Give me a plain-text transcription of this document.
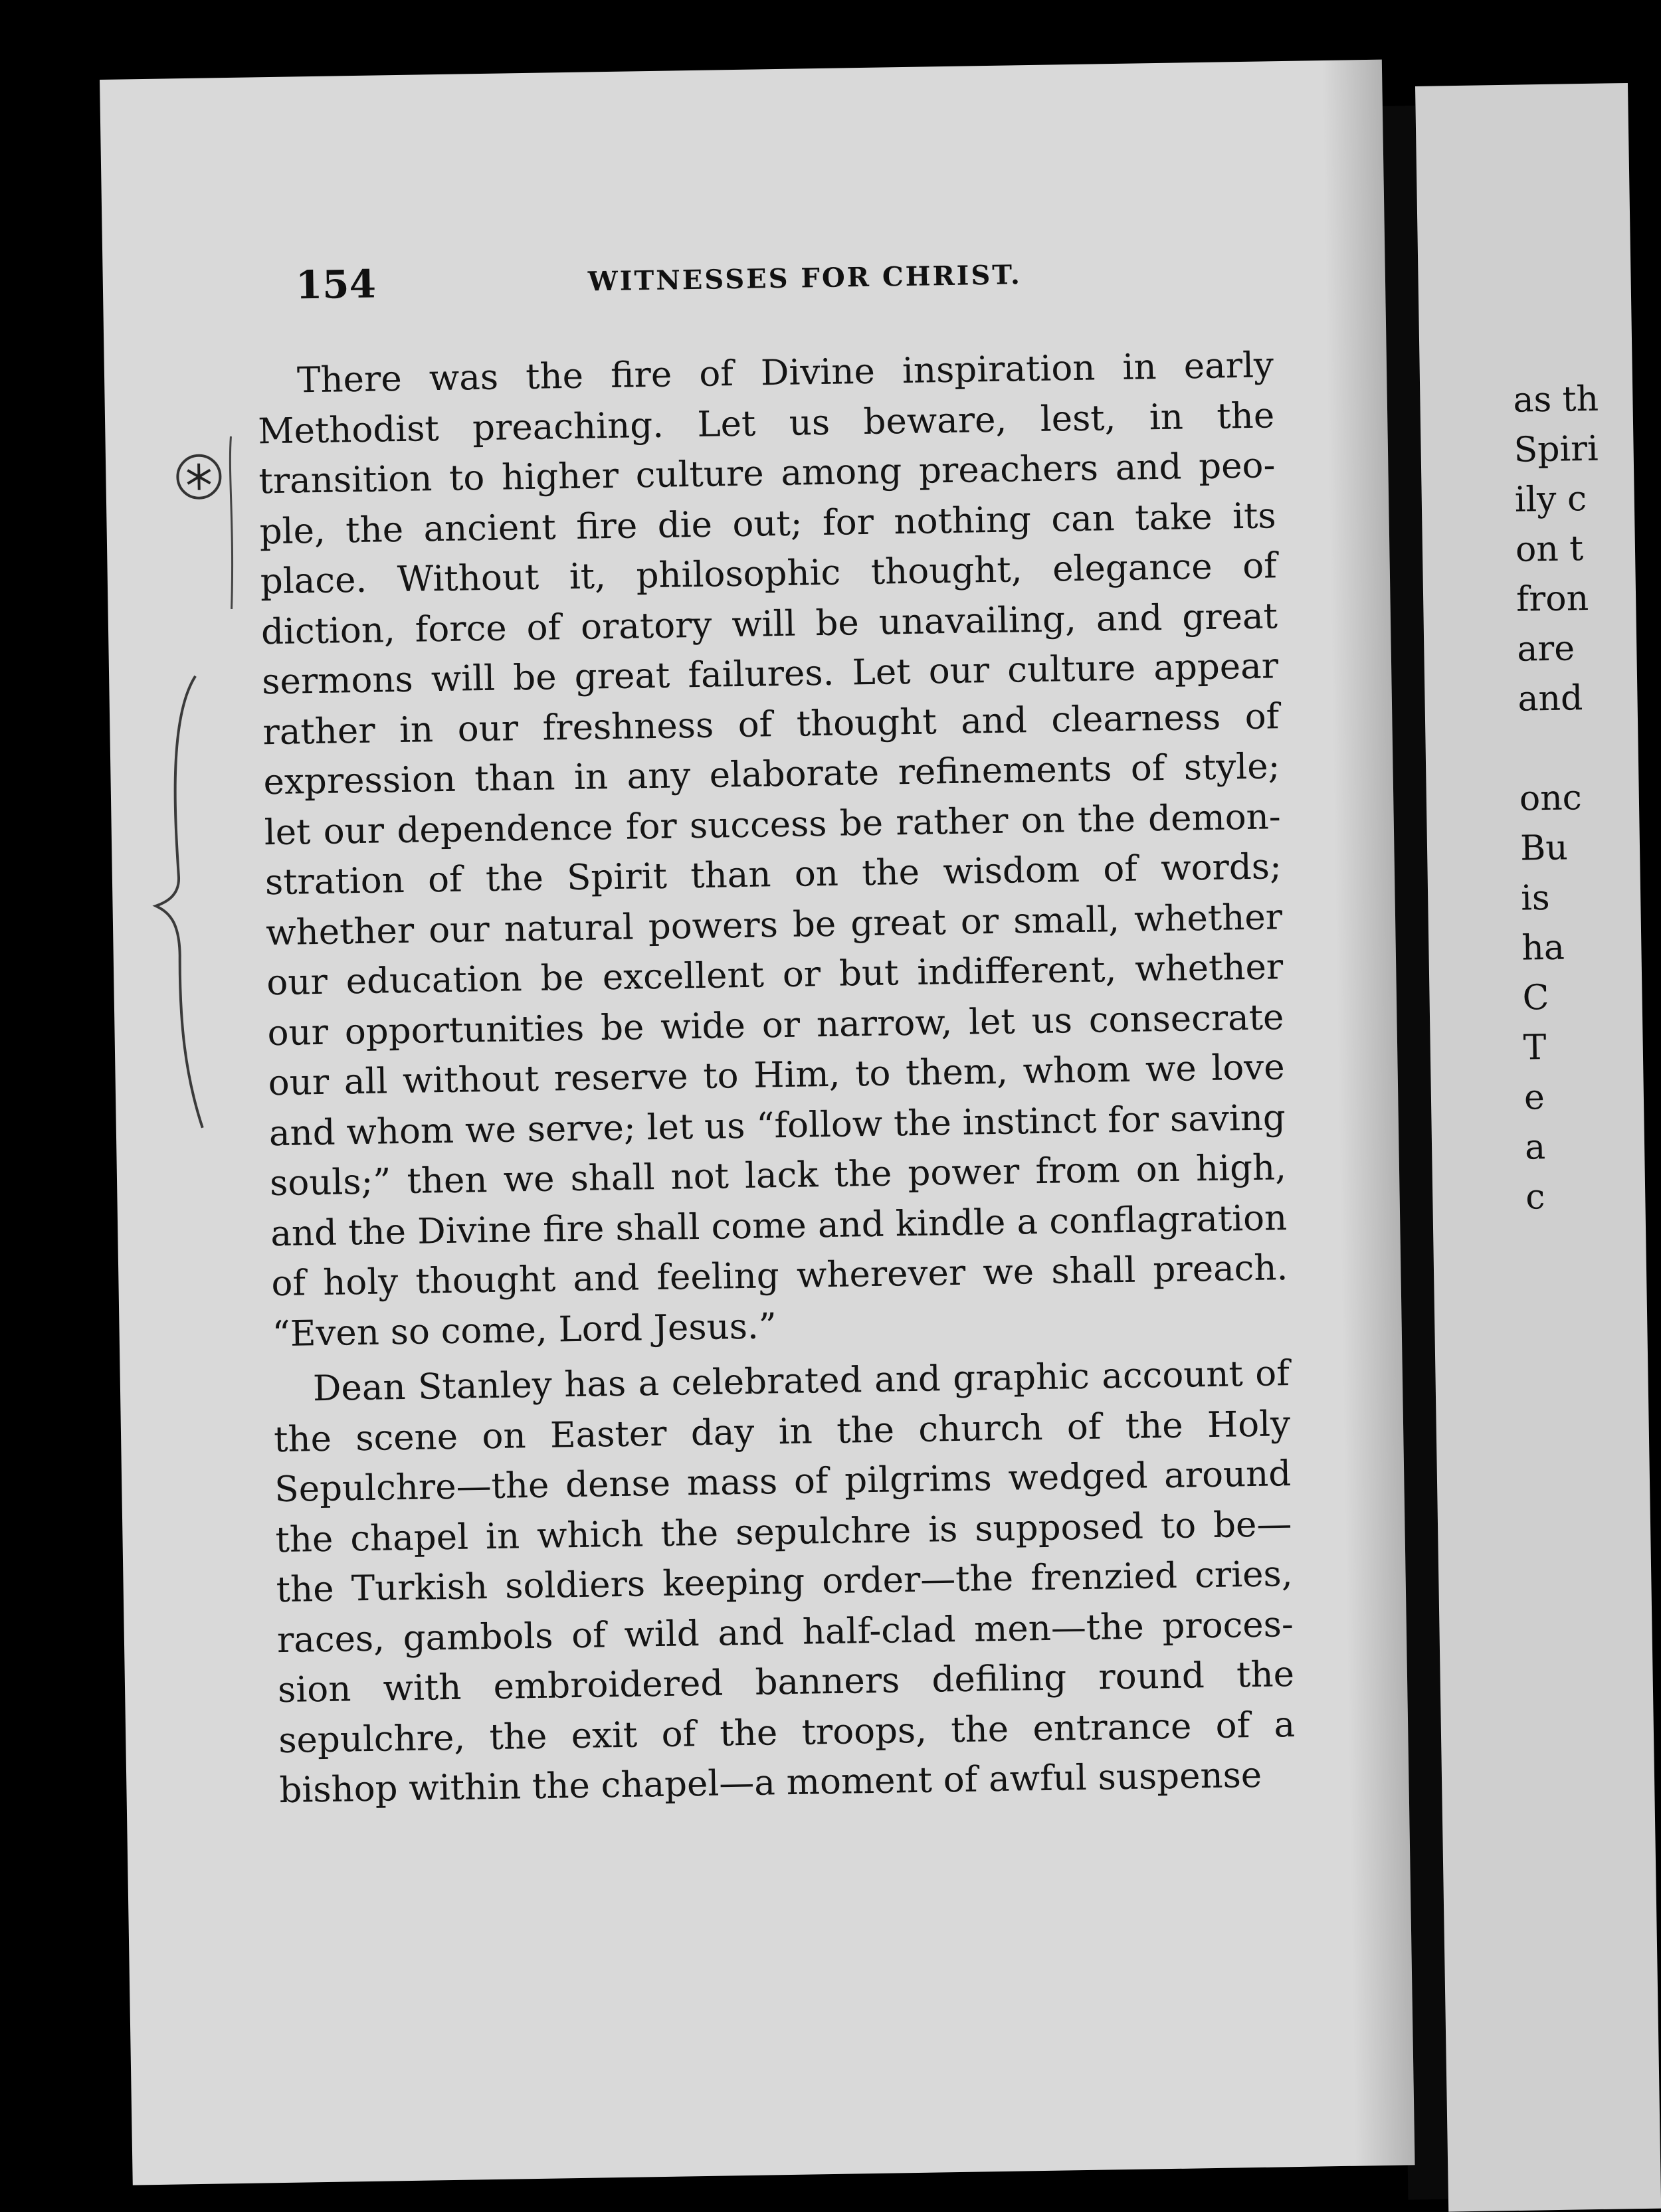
as th
Spiri
ily c
on t
fron
are
and
onc
Bu
is
ha
C
T
e
a
c
154	WITNESSES FOR CHRIST.

There was the fire of Divine inspiration in early Methodist preaching. Let us beware, lest, in the transition to higher culture among preachers and people, the ancient fire die out; for nothing can take its place. Without it, philosophic thought, elegance of diction, force of oratory will be unavailing, and great sermons will be great failures. Let our culture appear rather in our freshness of thought and clearness of expression than in any elaborate refinements of style; let our dependence for success be rather on the demonstration of the Spirit than on the wisdom of words; whether our natural powers be great or small, whether our education be excellent or but indifferent, whether our opportunities be wide or narrow, let us consecrate our all without reserve to Him, to them, whom we love and whom we serve; let us “follow the instinct for saving souls;” then we shall not lack the power from on high, and the Divine fire shall come and kindle a conflagration of holy thought and feeling wherever we shall preach. “Even so come, Lord Jesus.”

Dean Stanley has a celebrated and graphic account of the scene on Easter day in the church of the Holy Sepulchre—the dense mass of pilgrims wedged around the chapel in which the sepulchre is supposed to be—the Turkish soldiers keeping order—the frenzied cries, races, gambols of wild and half-clad men—the procession with embroidered banners defiling round the sepulchre, the exit of the troops, the entrance of a bishop within the chapel—a moment of awful suspense
